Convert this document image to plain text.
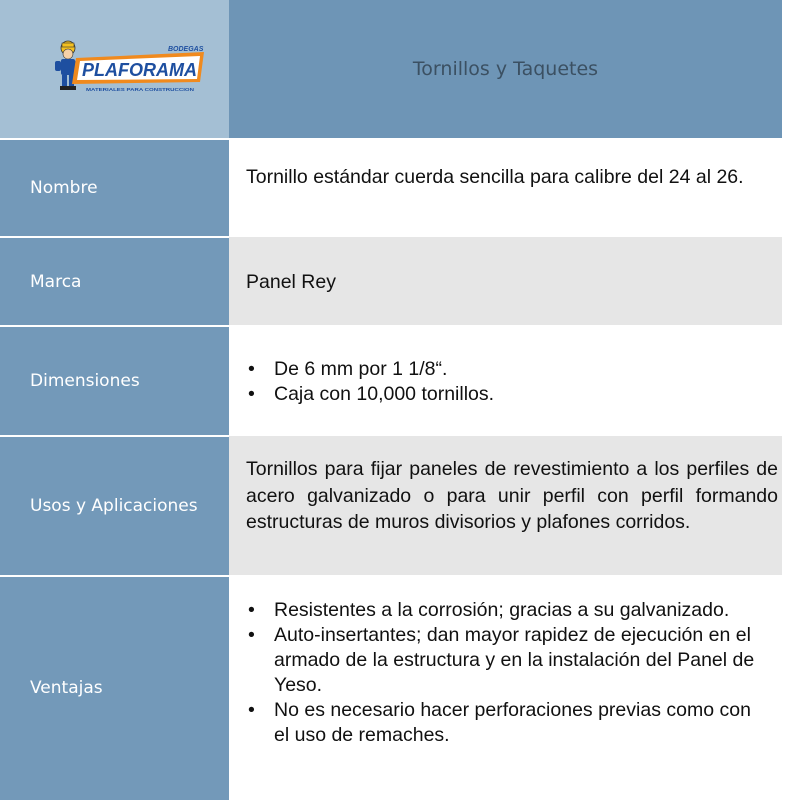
BODEGAS
PLAFORAMA
MATERIALES PARA CONSTRUCCION
Tornillos y Taquetes
Nombre	Tornillo estándar cuerda sencilla para calibre del 24 al 26.
Marca	Panel Rey
Dimensiones
• De 6 mm por 1 1/8“.
• Caja con 10,000 tornillos.
Usos y Aplicaciones
Tornillos para fijar paneles de revestimiento a los perfiles de acero galvanizado o para unir perfil con perfil formando estructuras de muros divisorios y plafones corridos.
Ventajas
• Resistentes a la corrosión; gracias a su galvanizado.
• Auto-insertantes; dan mayor rapidez de ejecución en el armado de la estructura y en la instalación del Panel de Yeso.
• No es necesario hacer perforaciones previas como con el uso de remaches.
